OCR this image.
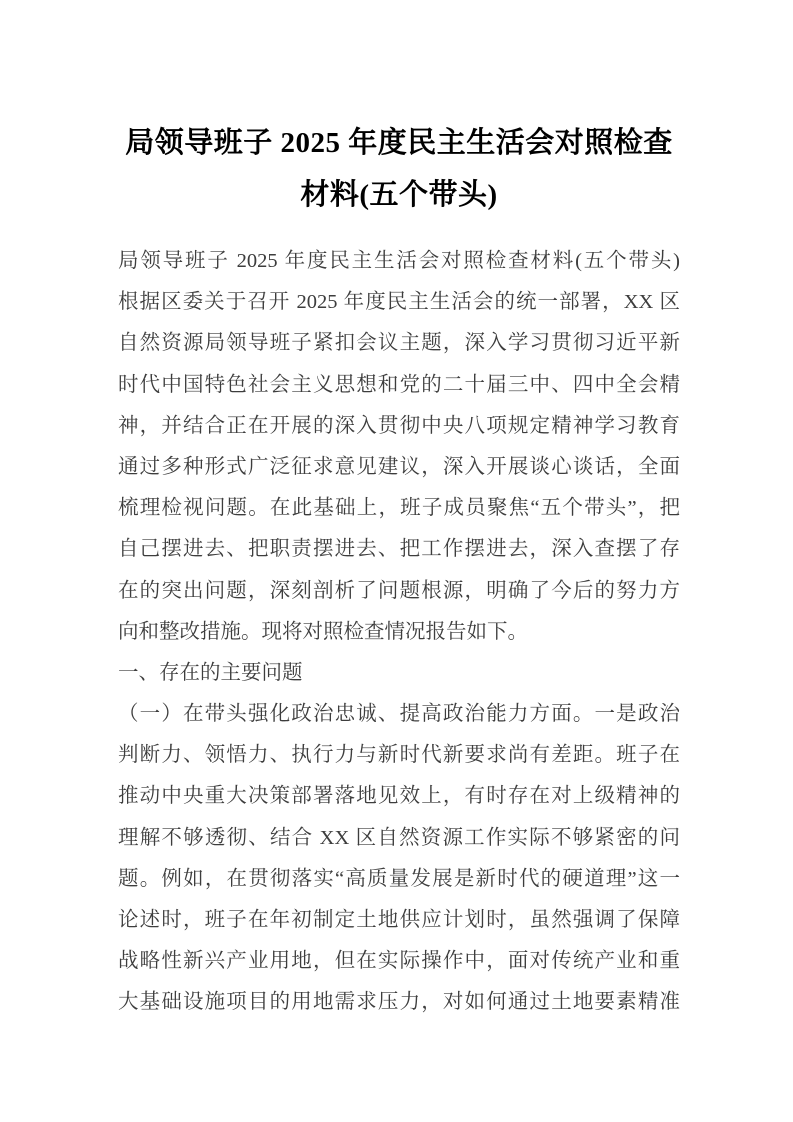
局领导班子 2025 年度民主生活会对照检查
材料(五个带头)
局领导班子 2025 年度民主生活会对照检查材料(五个带头)
根据区委关于召开 2025 年度民主生活会的统一部署，XX 区
自然资源局领导班子紧扣会议主题，深入学习贯彻习近平新
时代中国特色社会主义思想和党的二十届三中、四中全会精
神，并结合正在开展的深入贯彻中央八项规定精神学习教育
通过多种形式广泛征求意见建议，深入开展谈心谈话，全面
梳理检视问题。在此基础上，班子成员聚焦“五个带头”，把
自己摆进去、把职责摆进去、把工作摆进去，深入查摆了存
在的突出问题，深刻剖析了问题根源，明确了今后的努力方
向和整改措施。现将对照检查情况报告如下。
一、存在的主要问题
（一）在带头强化政治忠诚、提高政治能力方面。一是政治
判断力、领悟力、执行力与新时代新要求尚有差距。班子在
推动中央重大决策部署落地见效上，有时存在对上级精神的
理解不够透彻、结合 XX 区自然资源工作实际不够紧密的问
题。例如，在贯彻落实“高质量发展是新时代的硬道理”这一
论述时，班子在年初制定土地供应计划时，虽然强调了保障
战略性新兴产业用地，但在实际操作中，面对传统产业和重
大基础设施项目的用地需求压力，对如何通过土地要素精准
